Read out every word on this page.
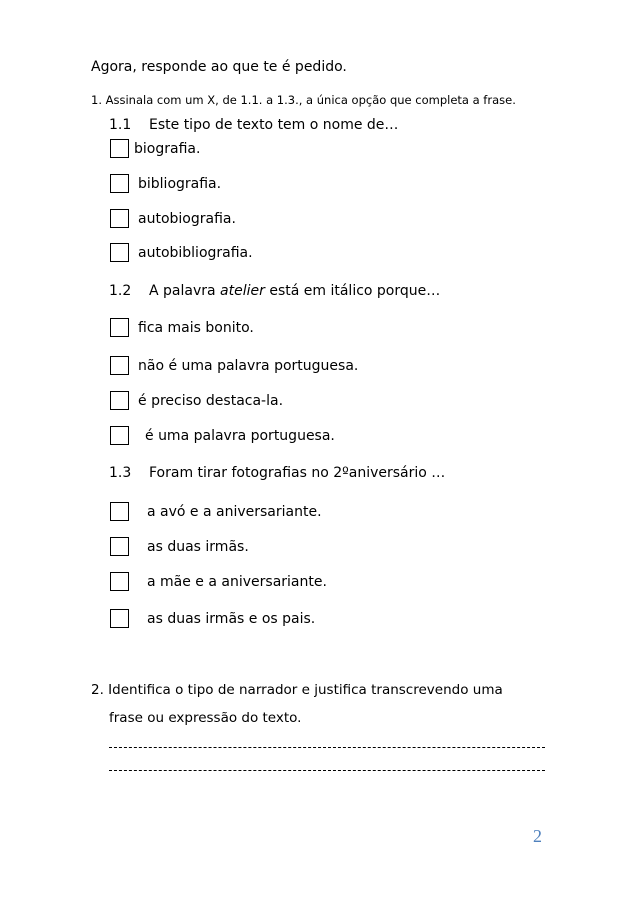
Agora, responde ao que te é pedido.
1. Assinala com um X, de 1.1. a 1.3., a única opção que completa a frase.
1.1 Este tipo de texto tem o nome de…
biografia.
bibliografia.
autobiografia.
autobibliografia.
1.2 A palavra atelier está em itálico porque…
fica mais bonito.
não é uma palavra portuguesa.
é preciso destaca-la.
é uma palavra portuguesa.
1.3 Foram tirar fotografias no 2ºaniversário …
a avó e a aniversariante.
as duas irmãs.
a mãe e a aniversariante.
as duas irmãs e os pais.
2. Identifica o tipo de narrador e justifica transcrevendo uma
frase ou expressão do texto.
2
